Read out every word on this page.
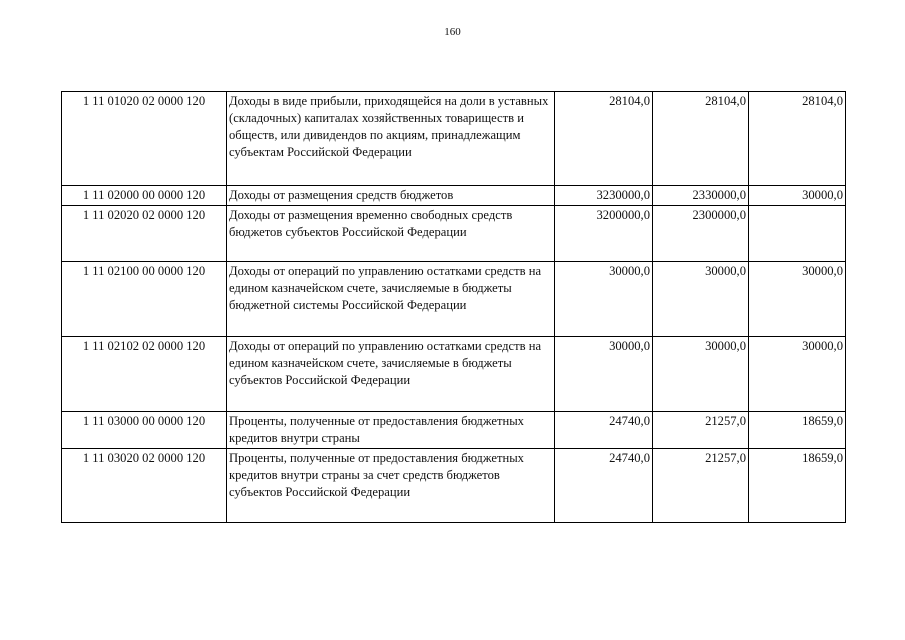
160
1 11 01020 02 0000 120	Доходы в виде прибыли, приходящейся на доли в уставных (складочных) капиталах хозяйственных товариществ и обществ, или дивидендов по акциям, принадлежащим субъектам Российской Федерации	28104,0	28104,0	28104,0
1 11 02000 00 0000 120	Доходы от размещения средств бюджетов	3230000,0	2330000,0	30000,0
1 11 02020 02 0000 120	Доходы от размещения временно свободных средств бюджетов субъектов Российской Федерации	3200000,0	2300000,0	
1 11 02100 00 0000 120	Доходы от операций по управлению остатками средств на едином казначейском счете, зачисляемые в бюджеты бюджетной системы Российской Федерации	30000,0	30000,0	30000,0
1 11 02102 02 0000 120	Доходы от операций по управлению остатками средств на едином казначейском счете, зачисляемые в бюджеты субъектов Российской Федерации	30000,0	30000,0	30000,0
1 11 03000 00 0000 120	Проценты, полученные от предоставления бюджетных кредитов внутри страны	24740,0	21257,0	18659,0
1 11 03020 02 0000 120	Проценты, полученные от предоставления бюджетных кредитов внутри страны за счет средств бюджетов субъектов Российской Федерации	24740,0	21257,0	18659,0
